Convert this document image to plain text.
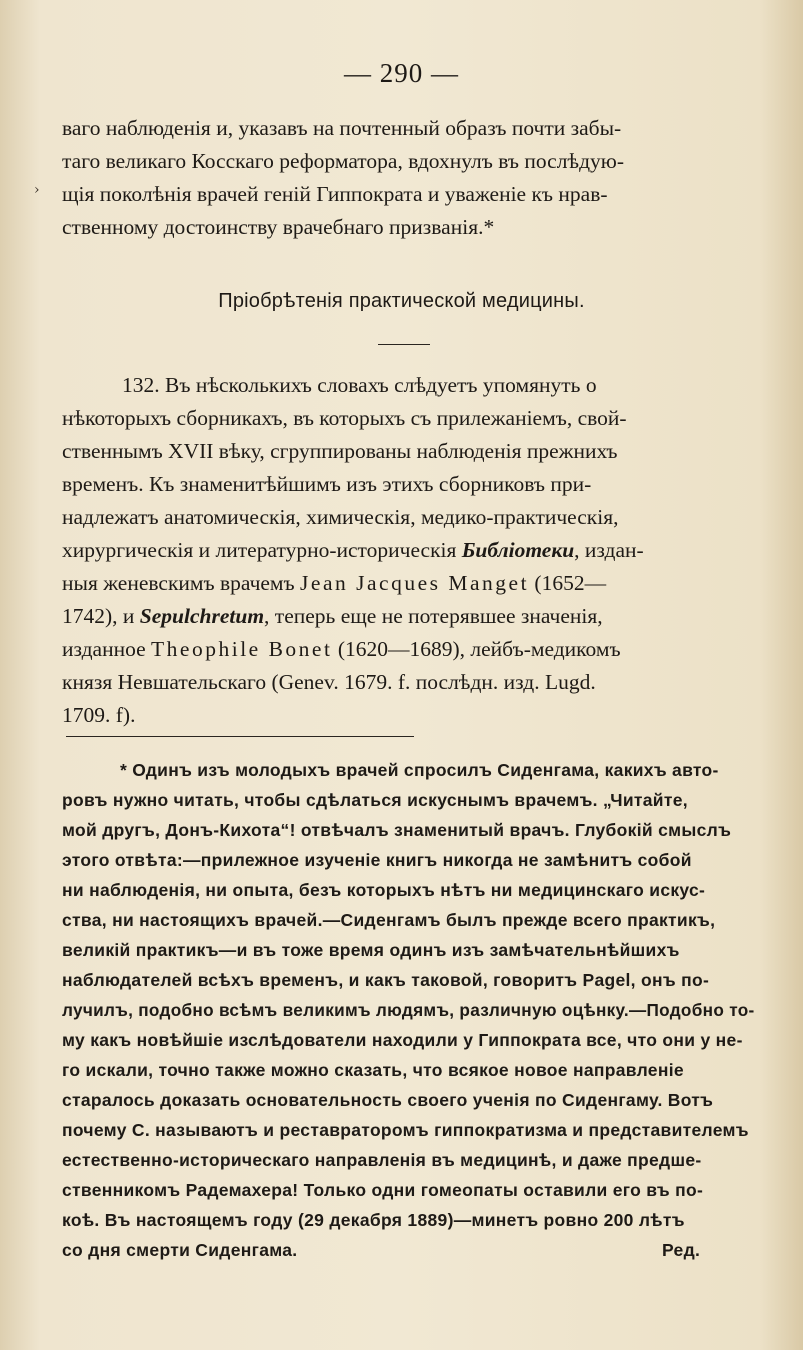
— 290 —
›
ваго наблюденія и, указавъ на почтенный образъ почти забы-
таго великаго Косскаго реформатора, вдохнулъ въ послѣдую-
щія поколѣнія врачей геній Гиппократа и уваженіе къ нрав-
ственному достоинству врачебнаго призванія.*
Пріобрѣтенія практической медицины.
132. Въ нѣсколькихъ словахъ слѣдуетъ упомянуть о
нѣкоторыхъ сборникахъ, въ которыхъ съ прилежаніемъ, свой-
ственнымъ XVII вѣку, сгруппированы наблюденія прежнихъ
временъ. Къ знаменитѣйшимъ изъ этихъ сборниковъ при-
надлежатъ анатомическія, химическія, медико-практическія,
хирургическія и литературно-историческія Библіотеки, издан-
ныя женевскимъ врачемъ Jean Jacques Manget (1652—
1742), и Sepulchretum, теперь еще не потерявшее значенія,
изданное Theophile Bonet (1620—1689), лейбъ-медикомъ
князя Невшательскаго (Genev. 1679. f. послѣдн. изд. Lugd.
1709. f).
* Одинъ изъ молодыхъ врачей спросилъ Сиденгама, какихъ авто-
ровъ нужно читать, чтобы сдѣлаться искуснымъ врачемъ. „Читайте,
мой другъ, Донъ-Кихота“! отвѣчалъ знаменитый врачъ. Глубокій смыслъ
этого отвѣта:—прилежное изученіе книгъ никогда не замѣнитъ собой
ни наблюденія, ни опыта, безъ которыхъ нѣтъ ни медицинскаго искус-
ства, ни настоящихъ врачей.—Сиденгамъ былъ прежде всего практикъ,
великій практикъ—и въ тоже время одинъ изъ замѣчательнѣйшихъ
наблюдателей всѣхъ временъ, и какъ таковой, говоритъ Pagel, онъ по-
лучилъ, подобно всѣмъ великимъ людямъ, различную оцѣнку.—Подобно то-
му какъ новѣйшіе изслѣдователи находили у Гиппократа все, что они у не-
го искали, точно также можно сказать, что всякое новое направленіе
старалось доказать основательность своего ученія по Сиденгаму. Вотъ
почему С. называютъ и реставраторомъ гиппократизма и представителемъ
естественно-историческаго направленія въ медицинѣ, и даже предше-
ственникомъ Радемахера! Только одни гомеопаты оставили его въ по-
коѣ. Въ настоящемъ году (29 декабря 1889)—минетъ ровно 200 лѣтъ
со дня смерти Сиденгама.	Ред.
